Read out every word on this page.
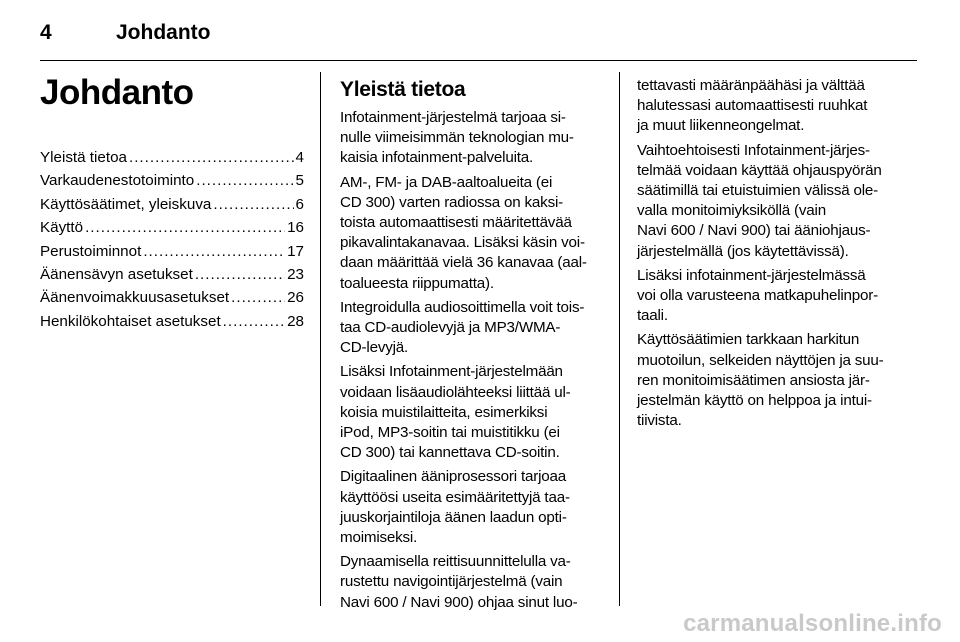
4	Johdanto
Johdanto
Yleistä tietoa .....	4
Varkaudenestotoiminto .....	5
Käyttösäätimet, yleiskuva .....	6
Käyttö .....	16
Perustoiminnot .....	17
Äänensävyn asetukset .....	23
Äänenvoimakkuusasetukset .....	26
Henkilökohtaiset asetukset .....	28
Yleistä tietoa

Infotainment-järjestelmä tarjoaa si-
nulle viimeisimmän teknologian mu-
kaisia infotainment-palveluita.

AM-, FM- ja DAB-aaltoalueita (ei
CD 300) varten radiossa on kaksi-
toista automaattisesti määritettävää
pikavalintakanavaa. Lisäksi käsin voi-
daan määrittää vielä 36 kanavaa (aal-
toalueesta riippumatta).

Integroidulla audiosoittimella voit tois-
taa CD-audiolevyjä ja MP3/WMA-
CD-levyjä.

Lisäksi Infotainment-järjestelmään
voidaan lisäaudiolähteeksi liittää ul-
koisia muistilaitteita, esimerkiksi
iPod, MP3-soitin tai muistitikku (ei
CD 300) tai kannettava CD-soitin.

Digitaalinen ääniprosessori tarjoaa
käyttöösi useita esimääritettyjä taa-
juuskorjaintiloja äänen laadun opti-
moimiseksi.

Dynaamisella reittisuunnittelulla va-
rustettu navigointijärjestelmä (vain
Navi 600 / Navi 900) ohjaa sinut luo-

tettavasti määränpäähäsi ja välttää
halutessasi automaattisesti ruuhkat
ja muut liikenneongelmat.

Vaihtoehtoisesti Infotainment-järjes-
telmää voidaan käyttää ohjauspyörän
säätimillä tai etuistuimien välissä ole-
valla monitoimiyksiköllä (vain
Navi 600 / Navi 900) tai ääniohjaus-
järjestelmällä (jos käytettävissä).

Lisäksi infotainment-järjestelmässä
voi olla varusteena matkapuhelinpor-
taali.

Käyttösäätimien tarkkaan harkitun
muotoilun, selkeiden näyttöjen ja suu-
ren monitoimisäätimen ansiosta jär-
jestelmän käyttö on helppoa ja intui-
tiivista.

carmanualsonline.info
